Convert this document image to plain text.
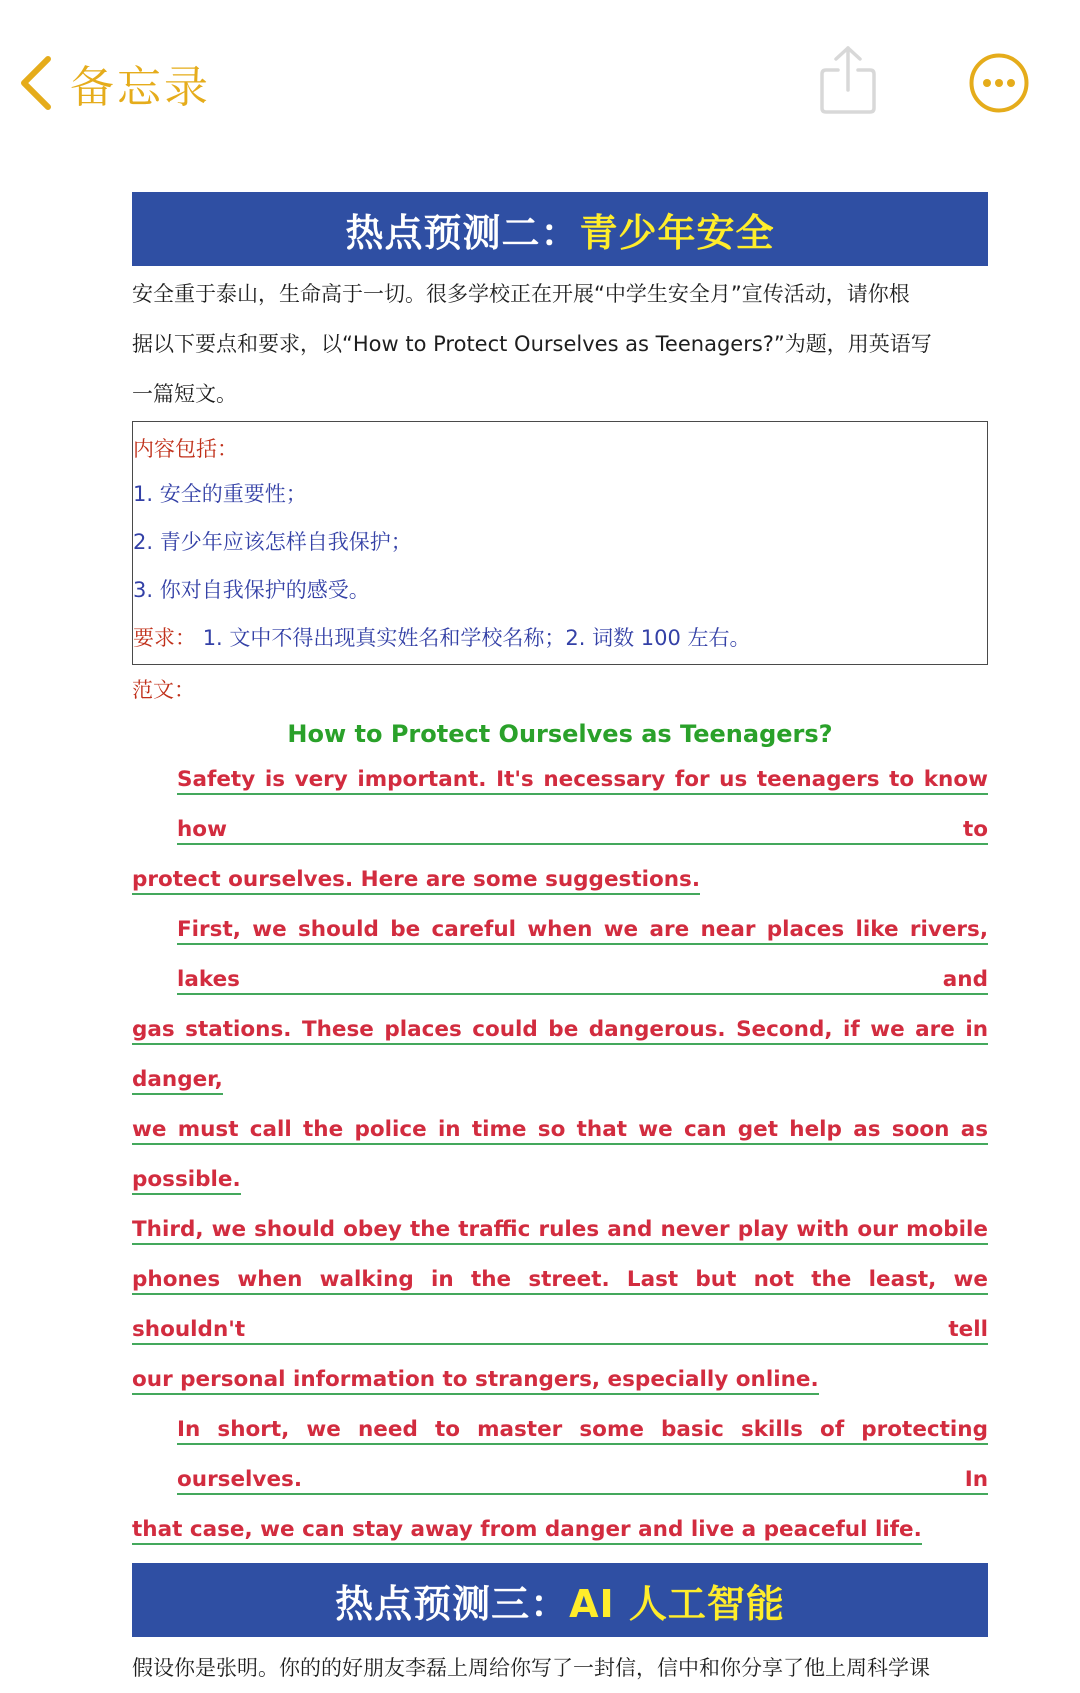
备忘录
热点预测二： 青少年安全
安全重于泰山，生命高于一切。很多学校正在开展“中学生安全月”宣传活动，请你根
据以下要点和要求，以“How to Protect Ourselves as Teenagers?”为题，用英语写
一篇短文。
内容包括：
1. 安全的重要性；
2. 青少年应该怎样自我保护；
3. 你对自我保护的感受。
要求： 1. 文中不得出现真实姓名和学校名称；2. 词数 100 左右。
范文：
How to Protect Ourselves as Teenagers?
Safety is very important. It's necessary for us teenagers to know how to
protect ourselves. Here are some suggestions.
First, we should be careful when we are near places like rivers, lakes and
gas stations. These places could be dangerous. Second, if we are in danger,
we must call the police in time so that we can get help as soon as possible.
Third, we should obey the traffic rules and never play with our mobile
phones when walking in the street. Last but not the least, we shouldn't tell
our personal information to strangers, especially online.
In short, we need to master some basic skills of protecting ourselves. In
that case, we can stay away from danger and live a peaceful life.
热点预测三： AI 人工智能
假设你是张明。你的的好朋友李磊上周给你写了一封信，信中和你分享了他上周科学课
